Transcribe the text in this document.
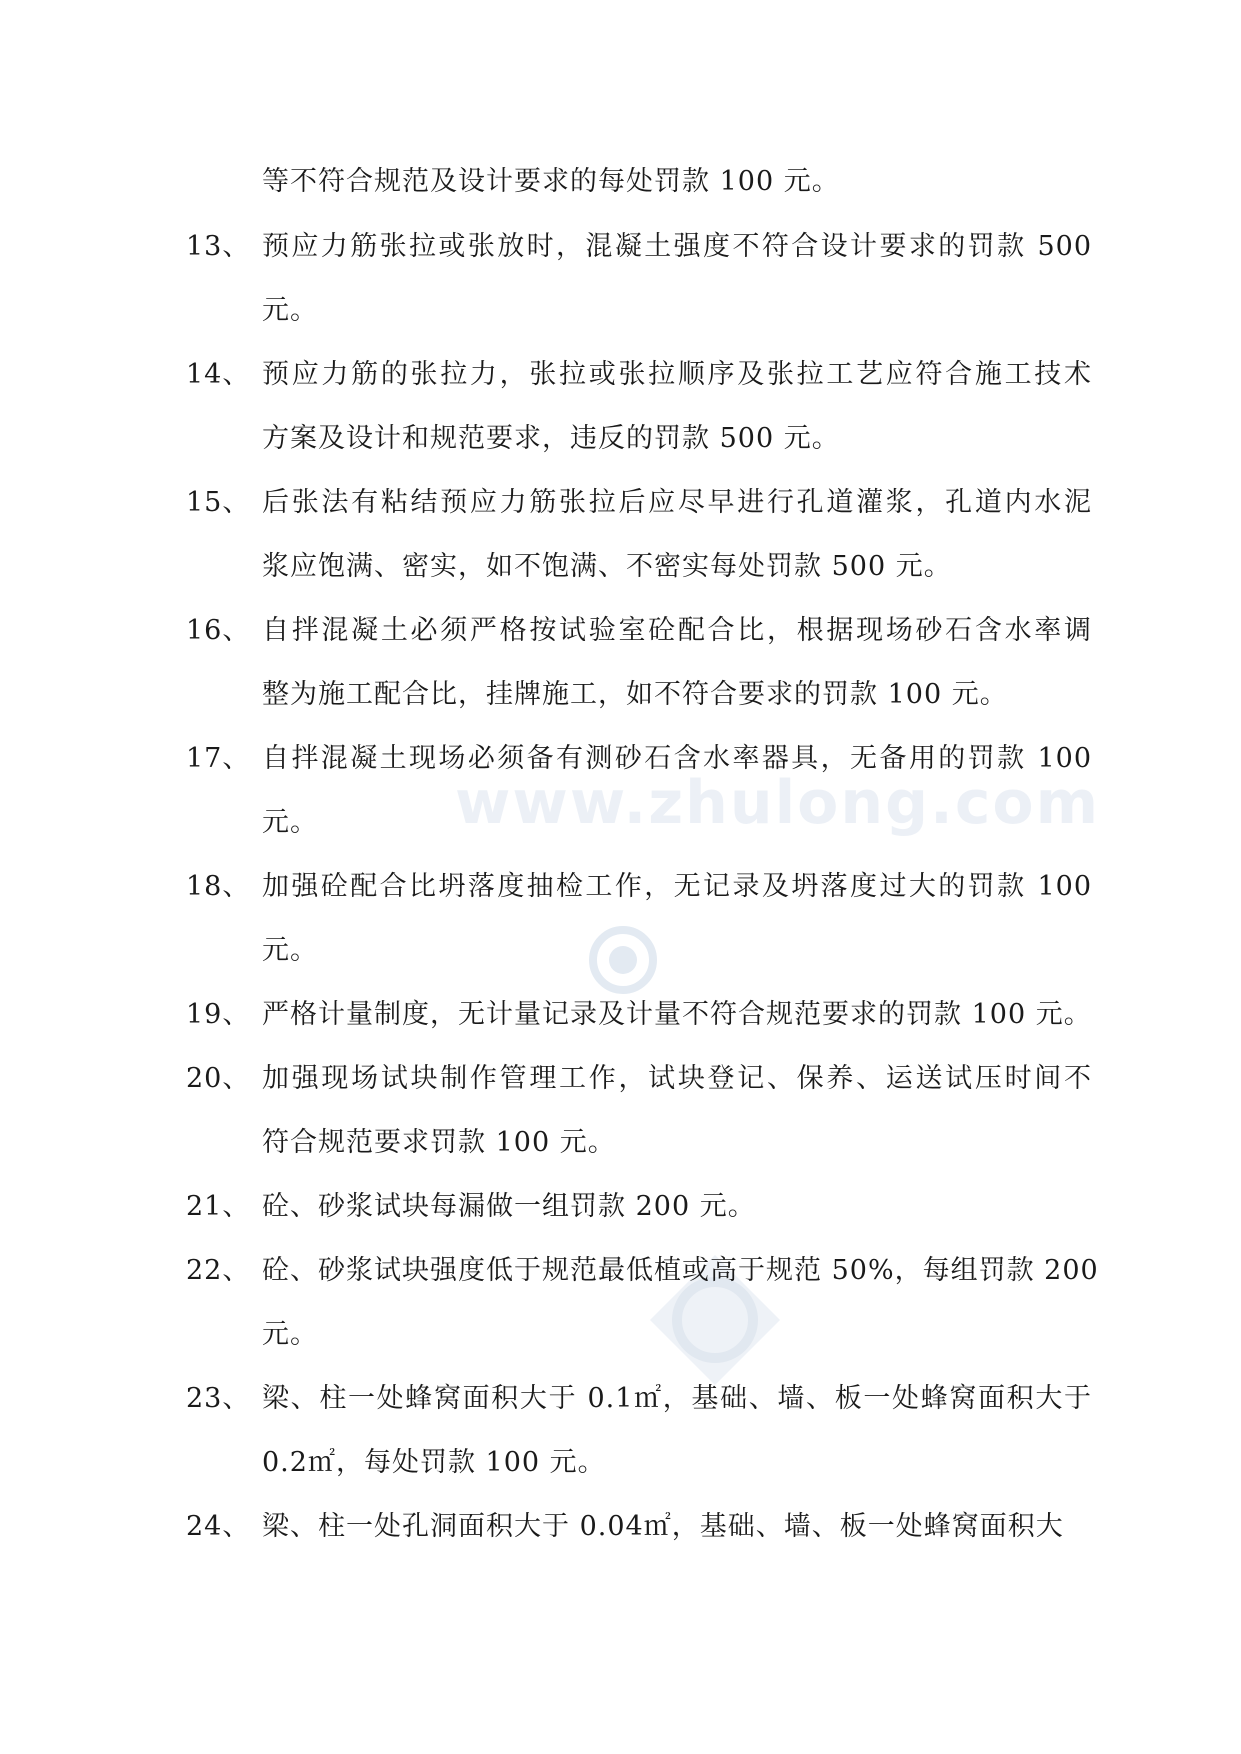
www.zhulong.com
等不符合规范及设计要求的每处罚款 100 元。
13、 预应力筋张拉或张放时，混凝土强度不符合设计要求的罚款 500
元。
14、 预应力筋的张拉力，张拉或张拉顺序及张拉工艺应符合施工技术
方案及设计和规范要求，违反的罚款 500 元。
15、 后张法有粘结预应力筋张拉后应尽早进行孔道灌浆，孔道内水泥
浆应饱满、密实，如不饱满、不密实每处罚款 500 元。
16、 自拌混凝土必须严格按试验室砼配合比，根据现场砂石含水率调
整为施工配合比，挂牌施工，如不符合要求的罚款 100 元。
17、 自拌混凝土现场必须备有测砂石含水率器具，无备用的罚款 100
元。
18、 加强砼配合比坍落度抽检工作，无记录及坍落度过大的罚款 100
元。
19、 严格计量制度，无计量记录及计量不符合规范要求的罚款 100 元。
20、 加强现场试块制作管理工作，试块登记、保养、运送试压时间不
符合规范要求罚款 100 元。
21、 砼、砂浆试块每漏做一组罚款 200 元。
22、 砼、砂浆试块强度低于规范最低植或高于规范 50%，每组罚款 200
元。
23、 梁、柱一处蜂窝面积大于 0.1㎡，基础、墙、板一处蜂窝面积大于
0.2㎡，每处罚款 100 元。
24、 梁、柱一处孔洞面积大于 0.04㎡，基础、墙、板一处蜂窝面积大
